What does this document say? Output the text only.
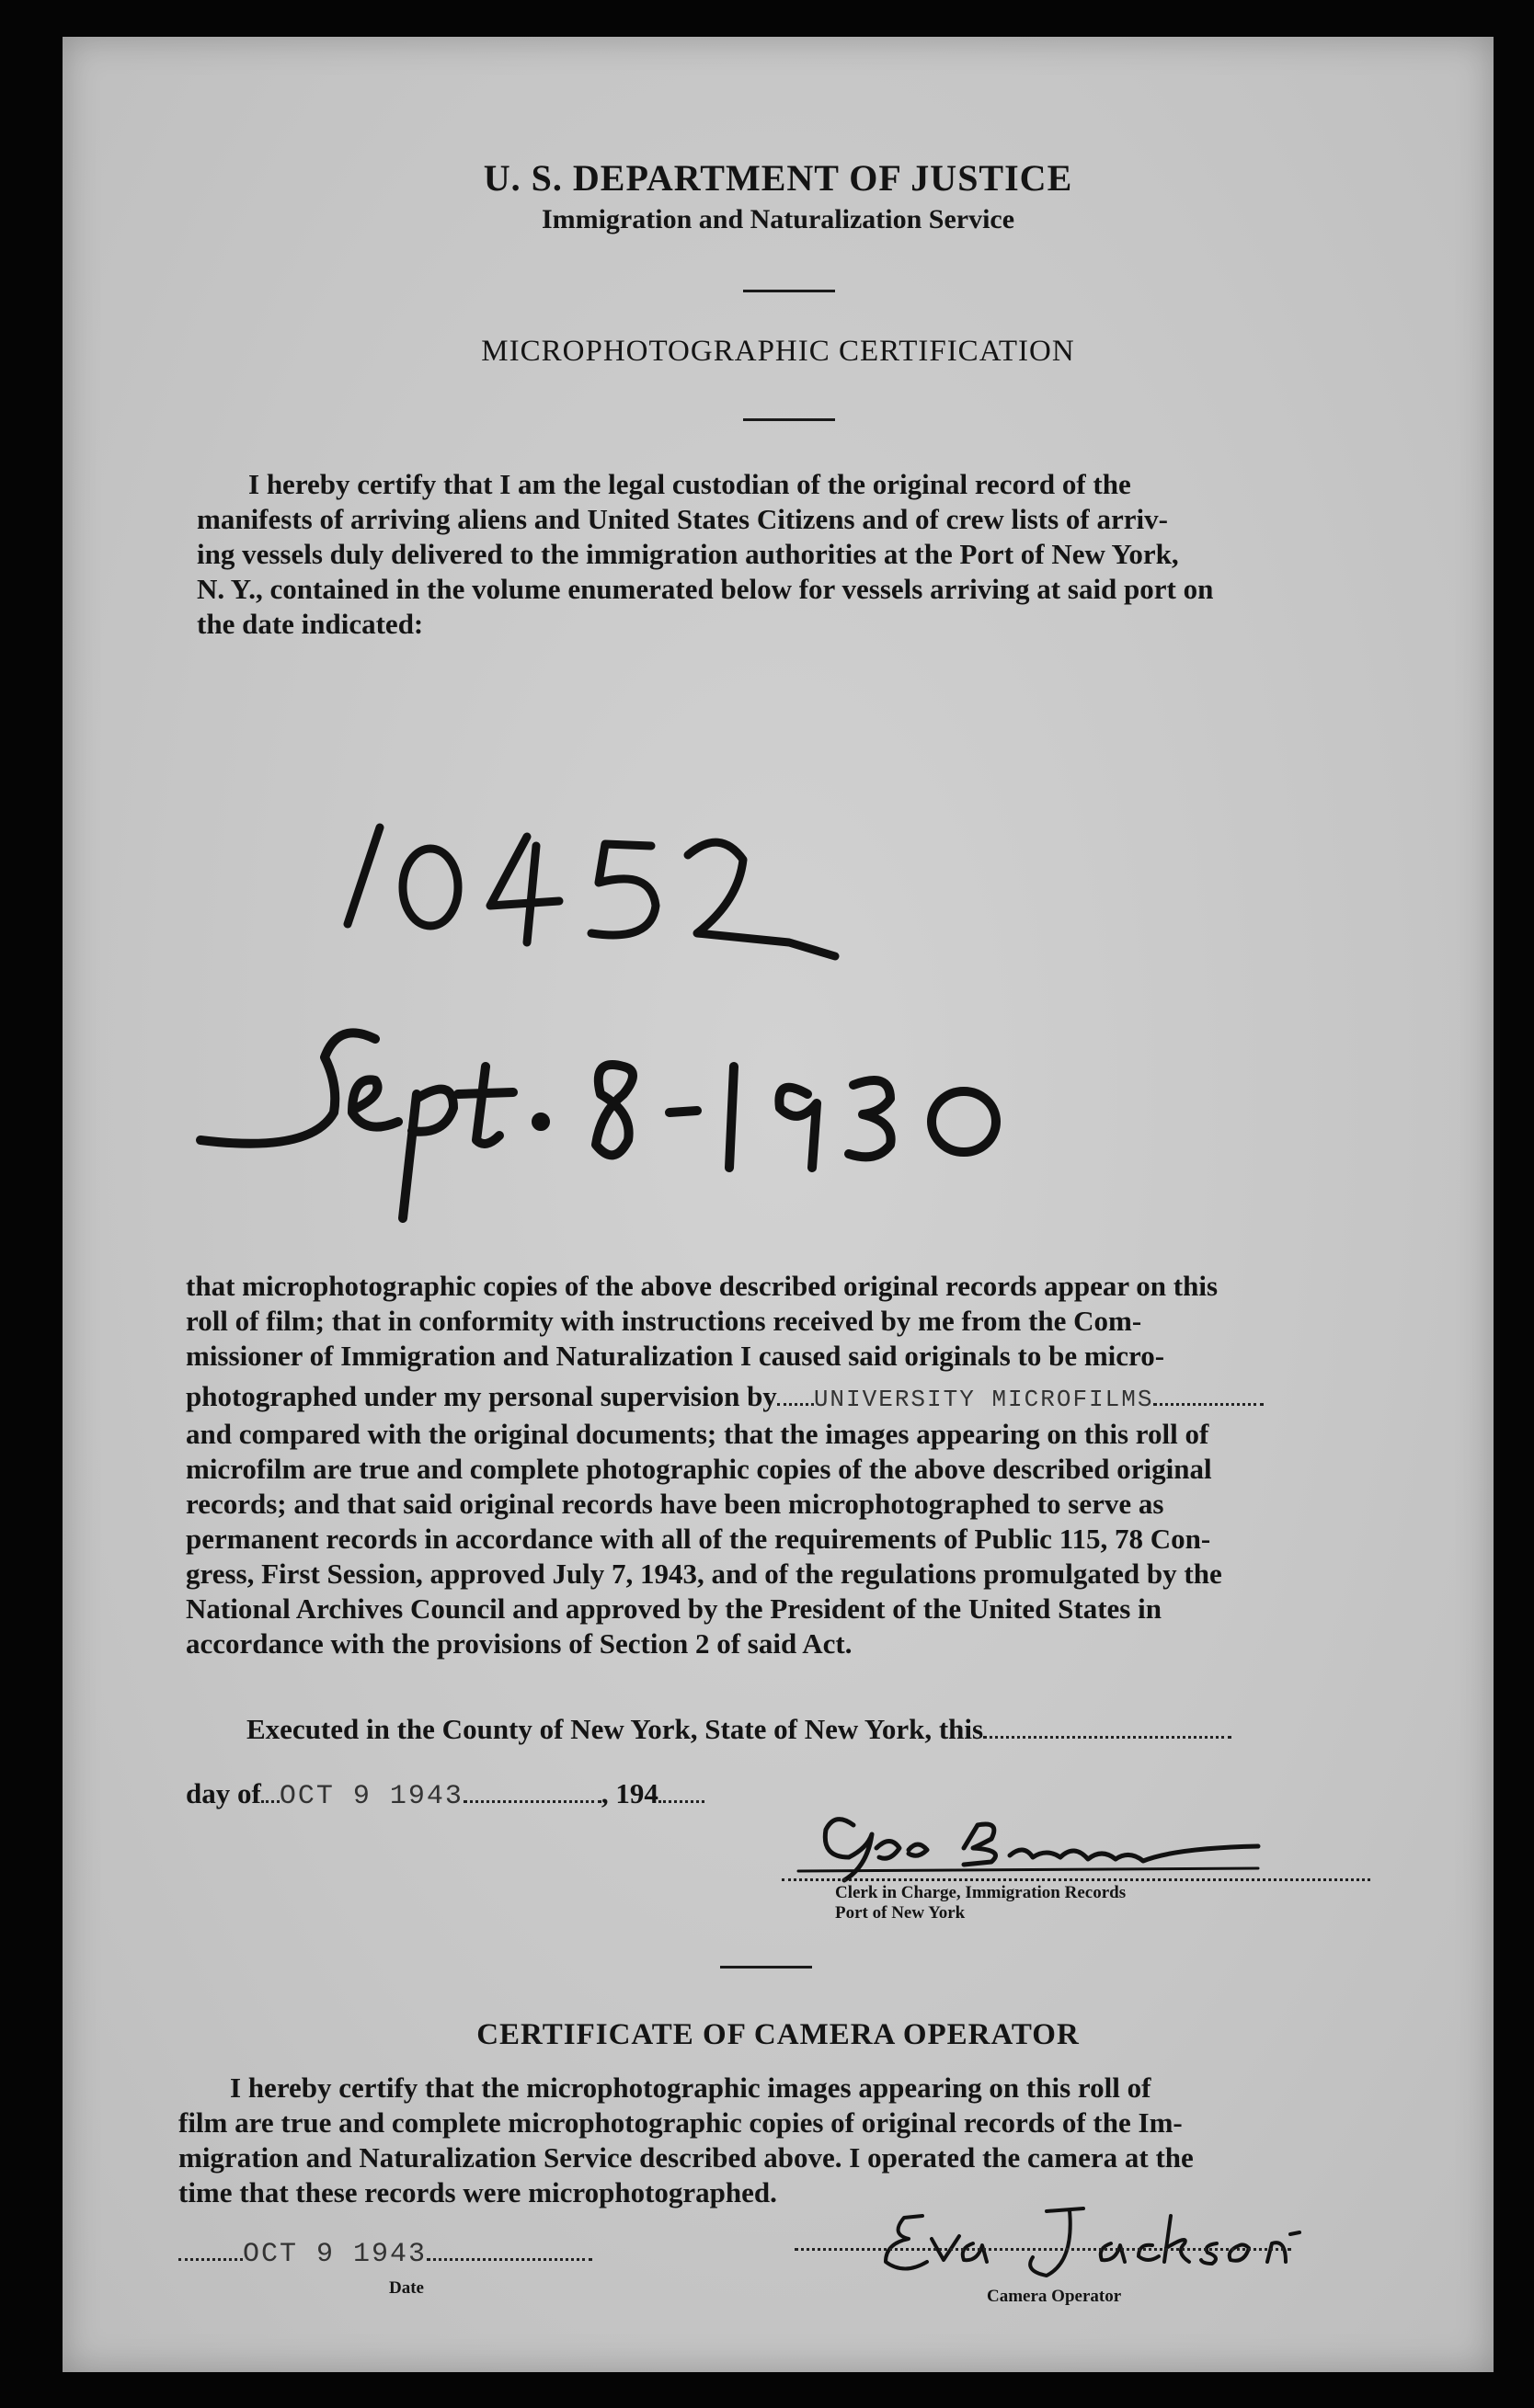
U. S. DEPARTMENT OF JUSTICE
Immigration and Naturalization Service
MICROPHOTOGRAPHIC CERTIFICATION

I hereby certify that I am the legal custodian of the original record of the

manifests of arriving aliens and United States Citizens and of crew lists of arriv-

ing vessels duly delivered to the immigration authorities at the Port of New York,

N. Y., contained in the volume enumerated below for vessels arriving at said port on

the date indicated:

that microphotographic copies of the above described original records appear on this

roll of film; that in conformity with instructions received by me from the Com-

missioner of Immigration and Naturalization I caused said originals to be micro-

photographed under my personal supervision by UNIVERSITY MICROFILMS

and compared with the original documents; that the images appearing on this roll of

microfilm are true and complete photographic copies of the above described original

records; and that said original records have been microphotographed to serve as

permanent records in accordance with all of the requirements of Public 115, 78 Con-

gress, First Session, approved July 7, 1943, and of the regulations promulgated by the

National Archives Council and approved by the President of the United States in

accordance with the provisions of Section 2 of said Act.

Executed in the County of New York, State of New York, this
day of OCT 9 1943	, 194
Clerk in Charge, Immigration Records
Port of New York
CERTIFICATE OF CAMERA OPERATOR

I hereby certify that the microphotographic images appearing on this roll of

film are true and complete microphotographic copies of original records of the Im-

migration and Naturalization Service described above. I operated the camera at the

time that these records were microphotographed.

OCT 9 1943
Date	Camera Operator
